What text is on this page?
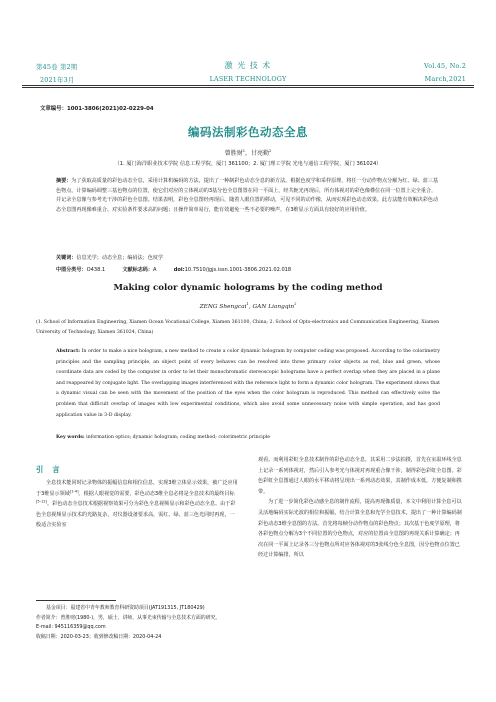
第45卷 第2期
2021年3月
激 光 技 术
LASER TECHNOLOGY
Vol.45, No.2
March,2021
文章编号：1001-3806(2021)02-0229-04
编码法制彩色动态全息
曾胜财$^1$，甘亮勤$^2$
（1. 厦门海洋职业技术学院 信息工程学院，厦门 361100；2. 厦门理工学院 光电与通信工程学院，厦门 361024）
摘要：为了获取高质量的彩色动态全息，采用计算机编码的方法，提出了一种制彩色动态全息的新方法。根据色度学和采样原理，将任一分动作物点分解为红、绿、蓝三基色物点，计算编码调整三基色物点的位置，使它们对应的立体视动的3基分色全息图置在同一平面上，经共轭光再现后，所有体视对的彩色像叠位在同一位置上完全重合，并记录全息像与参考光干涉的彩色全息图。结果表明，彩色全息图经再现后，随着人眼位置的移动，可见不同的动作像，从而实现彩色动态效果。此方法能有效解决彩色动态全息图再现像难重合、对实验条件要求高的问题；且操作简单易行，能有效避免一些不必要的噪声，在3维显示方面具有较好的应用价值。
关键词：信息光学；动态全息；编码法；色度学
中图分类号：O438.1	文献标志码：A	doi:10.7510/jgjs.issn.1001-3806.2021.02.018
Making color dynamic holograms by the coding method
ZENG Shengcai$^1$, GAN Liangqin$^2$
(1. School of Information Engineering, Xiamen Ocean Vocational College, Xiamen 361100, China; 2. School of Opto-electronics and Communication Engineering, Xiamen University of Technology, Xiamen 361024, China)
Abstract: In order to make a nice hologram, a new method to create a color dynamic hologram by computer coding was proposed. According to the colorimetry principles and the sampling principle, an object point of every behaves can be resolved into three primary color objects as red, blue and green, whose coordinate data are coded by the computer in order to let their monochromatic stereoscopic holograms have a perfect overlap when they are placed in a plane and reappeared by conjugate light. The overlapping images interferenced with the reference light to form a dynamic color hologram. The experiment shows that a dynamic visual can be seen with the movement of the position of the eyes when the color hologram is reproduced. This method can effectively solve the problem that difficult overlap of images with low experimental conditions, which also avoid some unnecessary noise with simple operation, and has good application value in 3-D display.
Key words: information optics; dynamic hologram; coding method; colorimetric principle
引　言

全息技术能同时记录物体的振幅信息和相位信息，实现3维立体显示效果，被广泛应用于3维显示领域[1-4]。根据人眼视觉的需要，彩色动态3维全息必将是全息技术的最终目标[5-12]。彩色动态全息技术根据视察效果可分为彩色全息视频显示和彩色动态全息。由于彩色全息视频显示技术的光路复杂，对仪器设备要求高，需红、绿、蓝三色光同时再现，一般适合实验室

基金项目：福建省中青年教师教育科研资助项目(JAT191315, JT180429)
作者简介：曾胜财(1980-)，男，硕士，讲师，从事光束传输与全息技术方面的研究。
E-mail: 945116359@qq.com
收稿日期：2020-03-23；收到修改稿日期：2020-04-24

观看。而利用彩虹全息技术制作的彩色动态全息，其采用二步法拍摄，首先在室温环线全息上记录一系列体视对，然后引入参考光与体视对再现重合像干涉，制得彩色彩虹全息图。彩色彩虹全息图通过人眼的水平移动将呈现出一系列动态效果，其制作成本低，方便复制和携带。

为了进一步简化彩色动感全息的制作流程，提高再现像质量，本文中利用计算全息可以灵活地编码实际光波的相位和振幅，结合计算全息和光学全息技术，提出了一种计算编码制彩色动态3维全息图的方法。首先将每帧分动作物点的彩色物点；其次基于色度学原理，将各彩色物点分解为3个不同位置的分色物点，对应的位置由全息图的再现关系计算确定；再次在同一平面上记录各三分色物点所对应各体视对的3张线分色全息图，因分色物点位置已经过计算编排，所以
